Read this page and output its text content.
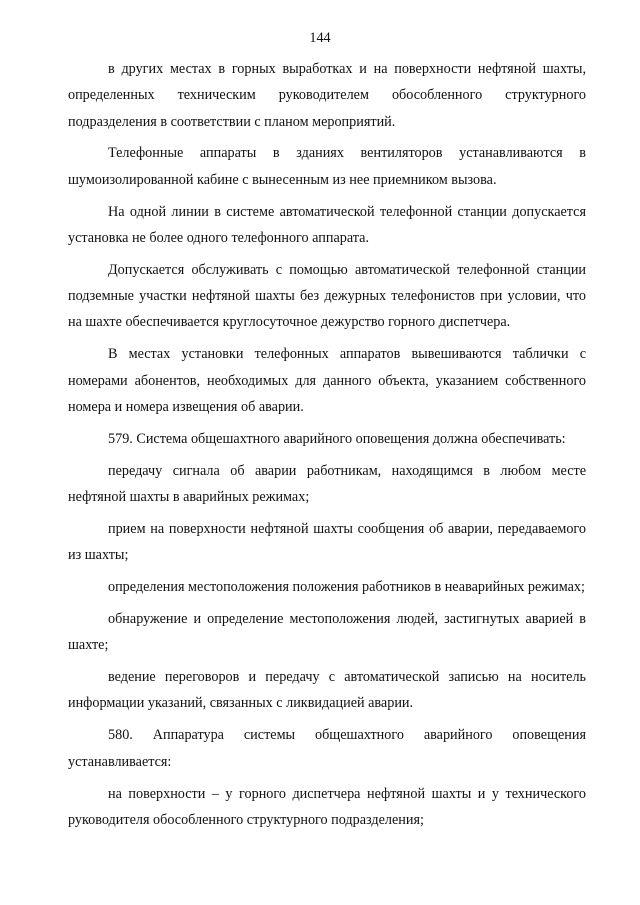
144

в других местах в горных выработках и на поверхности нефтяной шахты, определенных техническим руководителем обособленного структурного подразделения в соответствии с планом мероприятий.

Телефонные аппараты в зданиях вентиляторов устанавливаются в шумоизолированной кабине с вынесенным из нее приемником вызова.

На одной линии в системе автоматической телефонной станции допускается установка не более одного телефонного аппарата.

Допускается обслуживать с помощью автоматической телефонной станции подземные участки нефтяной шахты без дежурных телефонистов при условии, что на шахте обеспечивается круглосуточное дежурство горного диспетчера.

В местах установки телефонных аппаратов вывешиваются таблички с номерами абонентов, необходимых для данного объекта, указанием собственного номера и номера извещения об аварии.

579. Система общешахтного аварийного оповещения должна обеспечивать:

передачу сигнала об аварии работникам, находящимся в любом месте нефтяной шахты в аварийных режимах;

прием на поверхности нефтяной шахты сообщения об аварии, передаваемого из шахты;

определения местоположения положения работников в неаварийных режимах;

обнаружение и определение местоположения людей, застигнутых аварией в шахте;

ведение переговоров и передачу с автоматической записью на носитель информации указаний, связанных с ликвидацией аварии.

580. Аппаратура системы общешахтного аварийного оповещения устанавливается:

на поверхности – у горного диспетчера нефтяной шахты и у технического руководителя обособленного структурного подразделения;
